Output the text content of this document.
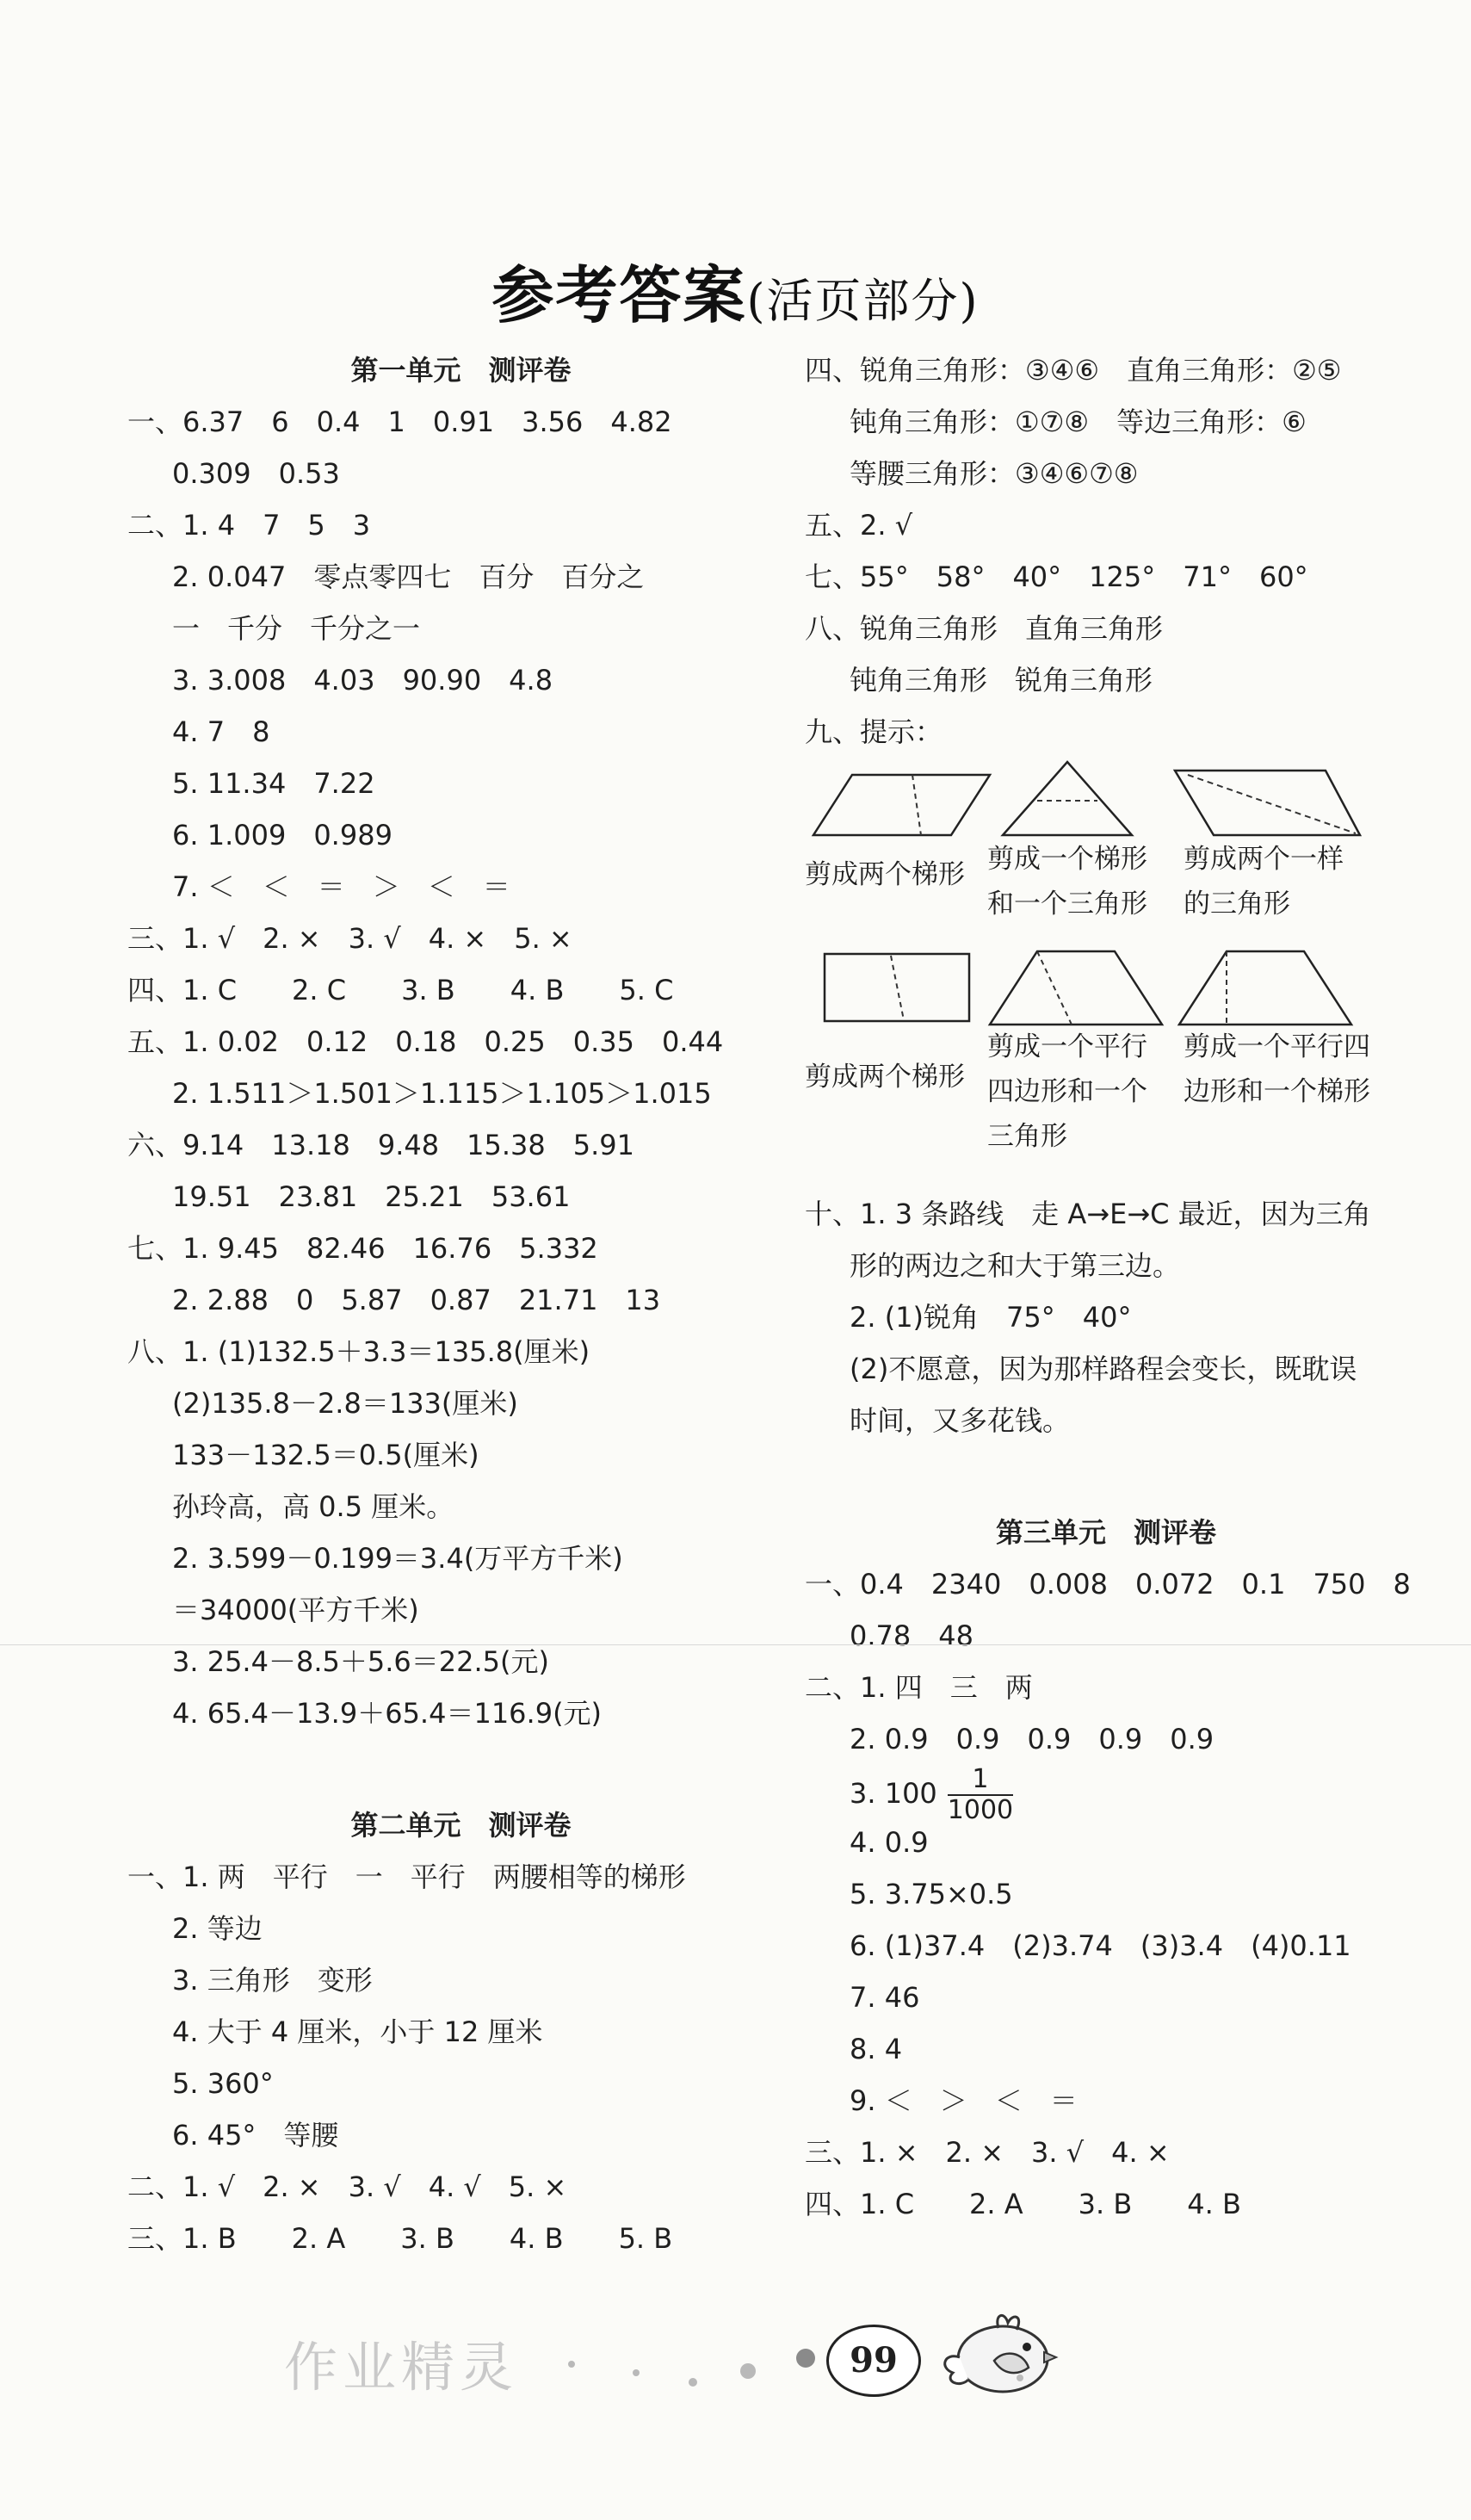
参考答案(活页部分)
第一单元　测评卷
一、6.37　6　0.4　1　0.91　3.56　4.82
0.309　0.53
二、1. 4　7　5　3
2. 0.047　零点零四七　百分　百分之
一　千分　千分之一
3. 3.008　4.03　90.90　4.8
4. 7　8
5. 11.34　7.22
6. 1.009　0.989
7. ＜　＜　＝　＞　＜　＝
三、1. √　2. ×　3. √　4. ×　5. ×
四、1. C　　2. C　　3. B　　4. B　　5. C
五、1. 0.02　0.12　0.18　0.25　0.35　0.44
2. 1.511＞1.501＞1.115＞1.105＞1.015
六、9.14　13.18　9.48　15.38　5.91
19.51　23.81　25.21　53.61
七、1. 9.45　82.46　16.76　5.332
2. 2.88　0　5.87　0.87　21.71　13
八、1. (1)132.5＋3.3＝135.8(厘米)
(2)135.8－2.8＝133(厘米)
133－132.5＝0.5(厘米)
孙玲高，高 0.5 厘米。
2. 3.599－0.199＝3.4(万平方千米)
＝34000(平方千米)
3. 25.4－8.5＋5.6＝22.5(元)
4. 65.4－13.9＋65.4＝116.9(元)
第二单元　测评卷
一、1. 两　平行　一　平行　两腰相等的梯形
2. 等边
3. 三角形　变形
4. 大于 4 厘米，小于 12 厘米
5. 360°
6. 45°　等腰
二、1. √　2. ×　3. √　4. √　5. ×
三、1. B　　2. A　　3. B　　4. B　　5. B
四、锐角三角形：③④⑥　直角三角形：②⑤
钝角三角形：①⑦⑧　等边三角形：⑥
等腰三角形：③④⑥⑦⑧
五、2. √
七、55°　58°　40°　125°　71°　60°
八、锐角三角形　直角三角形
钝角三角形　锐角三角形
九、提示：
剪成两个梯形 剪成一个梯形
和一个三角形
剪成两个一样
的三角形
剪成两个梯形
剪成一个平行
四边形和一个
三角形
剪成一个平行四
边形和一个梯形
十、1. 3 条路线　走 A→E→C 最近，因为三角
形的两边之和大于第三边。
2. (1)锐角　75°　40°
(2)不愿意，因为那样路程会变长，既耽误
时间，又多花钱。
第三单元　测评卷
一、0.4　2340　0.008　0.072　0.1　750　8
0.78　48
二、1. 四　三　两
2. 0.9　0.9　0.9　0.9　0.9
3. $100 \frac{1}{1000}$
4. 0.9
5. 3.75×0.5
6. (1)37.4　(2)3.74　(3)3.4　(4)0.11
7. 46
8. 4
9. ＜　＞　＜　＝
三、1. ×　2. ×　3. √　4. ×
四、1. C　　2. A　　3. B　　4. B
作业精灵	99
